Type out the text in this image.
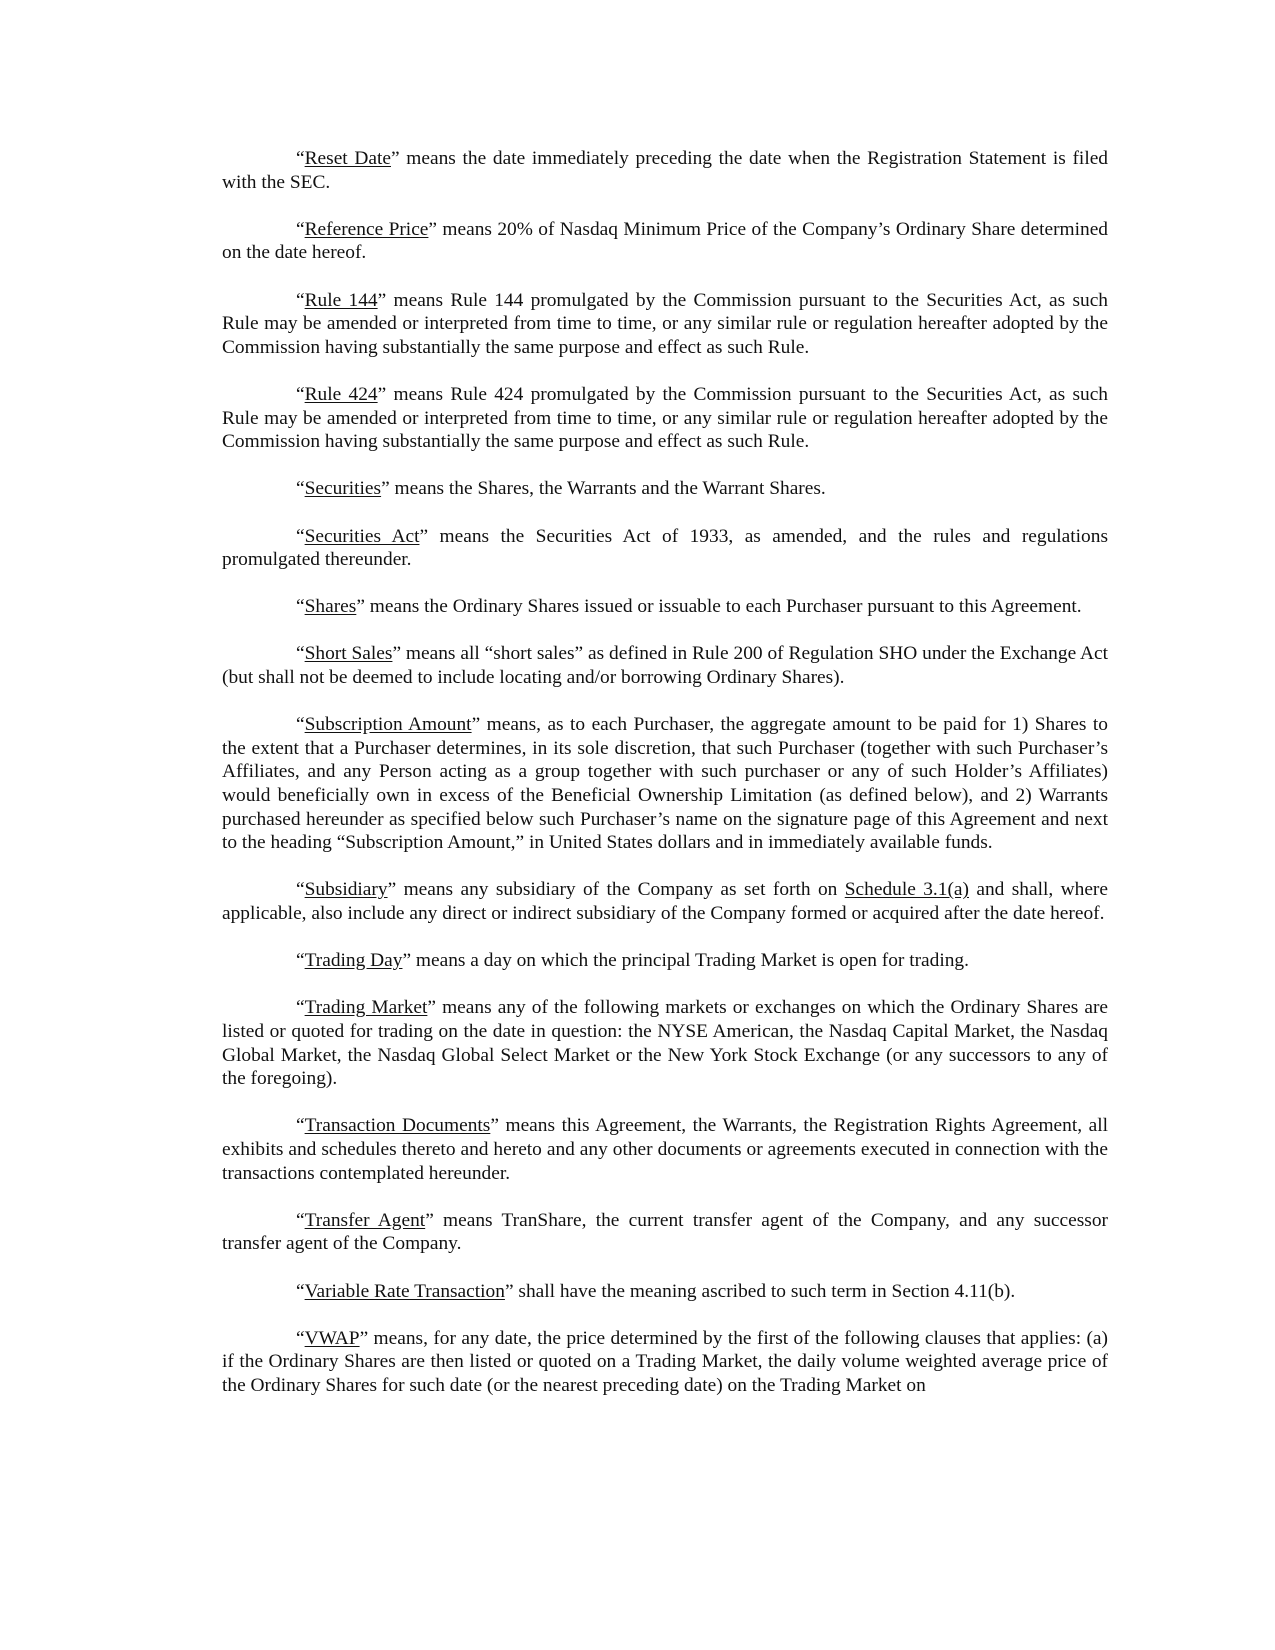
“Reset Date” means the date immediately preceding the date when the Registration Statement is filed with the SEC.

“Reference Price” means 20% of Nasdaq Minimum Price of the Company’s Ordinary Share determined on the date hereof.

“Rule 144” means Rule 144 promulgated by the Commission pursuant to the Securities Act, as such Rule may be amended or interpreted from time to time, or any similar rule or regulation hereafter adopted by the Commission having substantially the same purpose and effect as such Rule.

“Rule 424” means Rule 424 promulgated by the Commission pursuant to the Securities Act, as such Rule may be amended or interpreted from time to time, or any similar rule or regulation hereafter adopted by the Commission having substantially the same purpose and effect as such Rule.

“Securities” means the Shares, the Warrants and the Warrant Shares.

“Securities Act” means the Securities Act of 1933, as amended, and the rules and regulations promulgated thereunder.

“Shares” means the Ordinary Shares issued or issuable to each Purchaser pursuant to this Agreement.

“Short Sales” means all “short sales” as defined in Rule 200 of Regulation SHO under the Exchange Act (but shall not be deemed to include locating and/or borrowing Ordinary Shares).

“Subscription Amount” means, as to each Purchaser, the aggregate amount to be paid for 1) Shares to the extent that a Purchaser determines, in its sole discretion, that such Purchaser (together with such Purchaser’s Affiliates, and any Person acting as a group together with such purchaser or any of such Holder’s Affiliates) would beneficially own in excess of the Beneficial Ownership Limitation (as defined below), and 2) Warrants purchased hereunder as specified below such Purchaser’s name on the signature page of this Agreement and next to the heading “Subscription Amount,” in United States dollars and in immediately available funds.

“Subsidiary” means any subsidiary of the Company as set forth on Schedule 3.1(a) and shall, where applicable, also include any direct or indirect subsidiary of the Company formed or acquired after the date hereof.

“Trading Day” means a day on which the principal Trading Market is open for trading.

“Trading Market” means any of the following markets or exchanges on which the Ordinary Shares are listed or quoted for trading on the date in question: the NYSE American, the Nasdaq Capital Market, the Nasdaq Global Market, the Nasdaq Global Select Market or the New York Stock Exchange (or any successors to any of the foregoing).

“Transaction Documents” means this Agreement, the Warrants, the Registration Rights Agreement, all exhibits and schedules thereto and hereto and any other documents or agreements executed in connection with the transactions contemplated hereunder.

“Transfer Agent” means TranShare, the current transfer agent of the Company, and any successor transfer agent of the Company.

“Variable Rate Transaction” shall have the meaning ascribed to such term in Section 4.11(b).

“VWAP” means, for any date, the price determined by the first of the following clauses that applies: (a) if the Ordinary Shares are then listed or quoted on a Trading Market, the daily volume weighted average price of the Ordinary Shares for such date (or the nearest preceding date) on the Trading Market on
